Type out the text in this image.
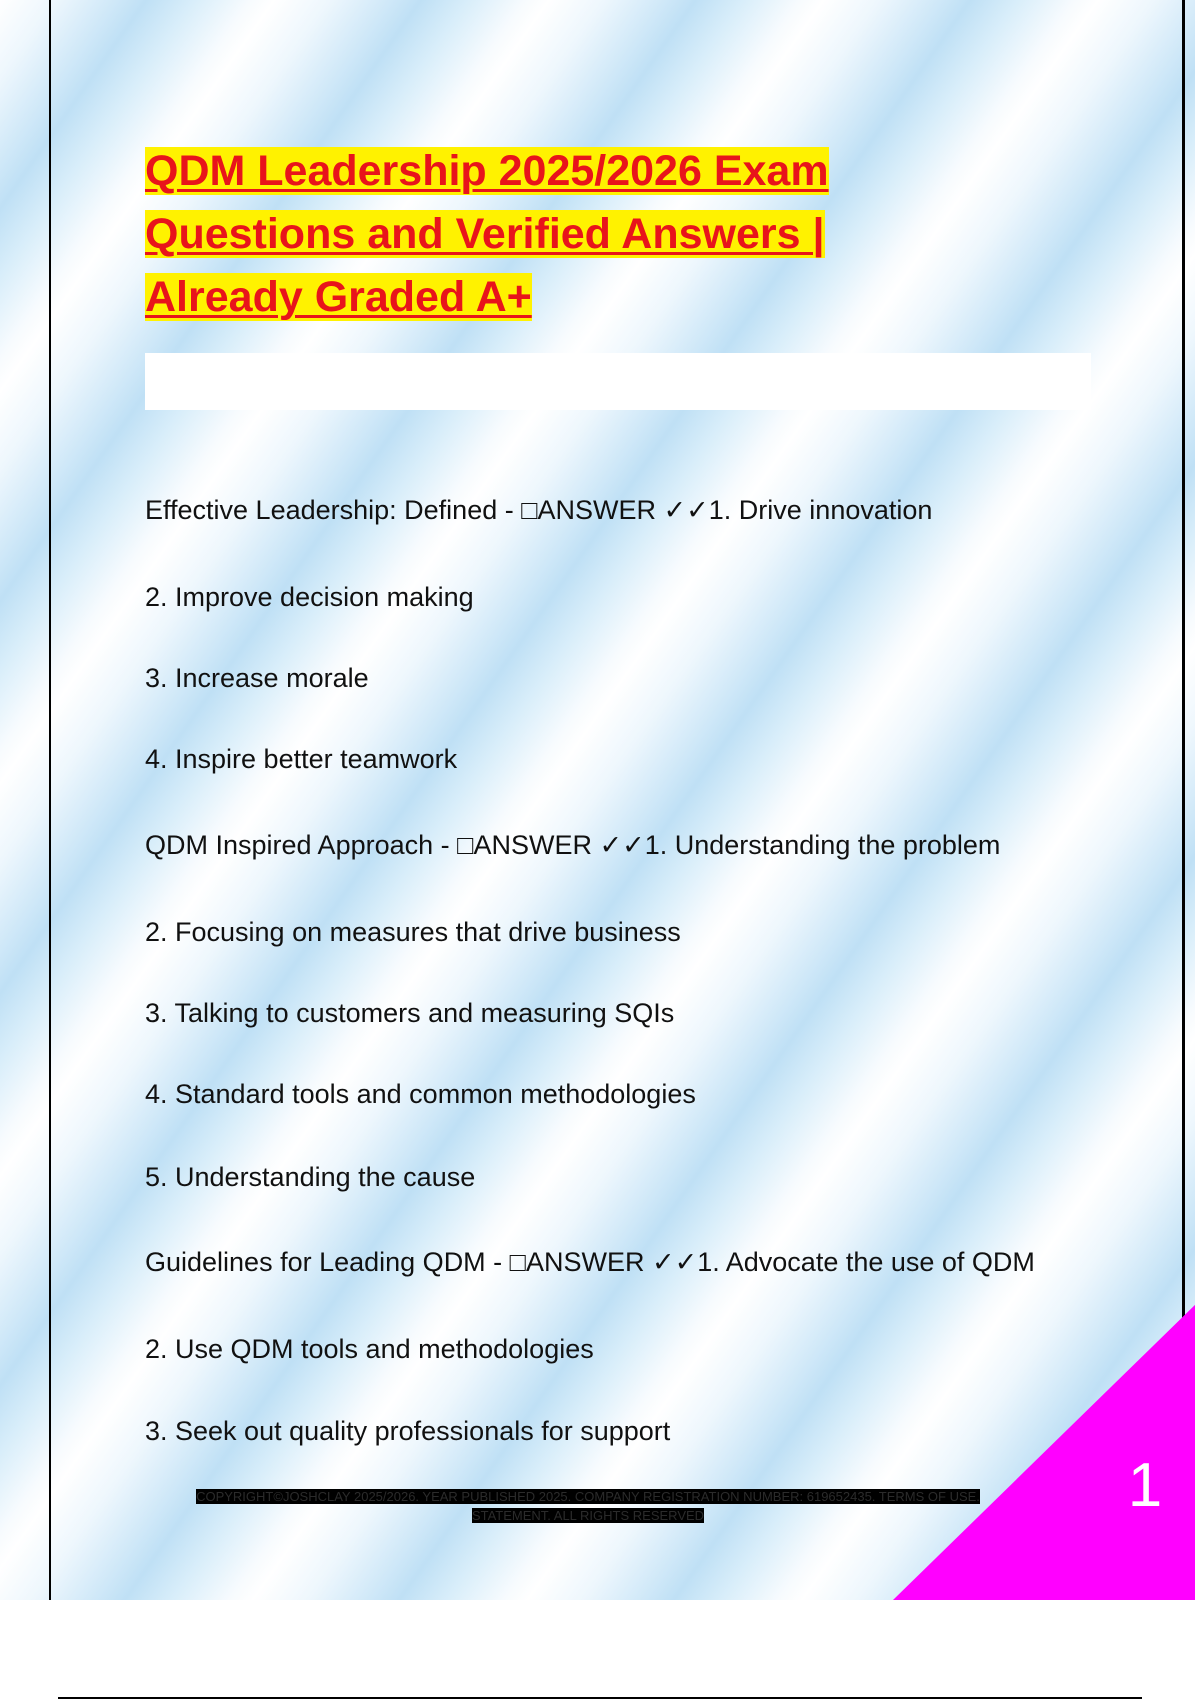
QDM Leadership 2025/2026 Exam Questions and Verified Answers | Already Graded A+

Effective Leadership: Defined - □ANSWER ✓✓1. Drive innovation

2. Improve decision making

3. Increase morale

4. Inspire better teamwork

QDM Inspired Approach - □ANSWER ✓✓1. Understanding the problem

2. Focusing on measures that drive business

3. Talking to customers and measuring SQIs

4. Standard tools and common methodologies

5. Understanding the cause

Guidelines for Leading QDM - □ANSWER ✓✓1. Advocate the use of QDM

2. Use QDM tools and methodologies

3. Seek out quality professionals for support

1
COPYRIGHT©JOSHCLAY 2025/2026. YEAR PUBLISHED 2025. COMPANY REGISTRATION NUMBER: 619652435. TERMS OF USE. STATEMENT. ALL RIGHTS RESERVED
